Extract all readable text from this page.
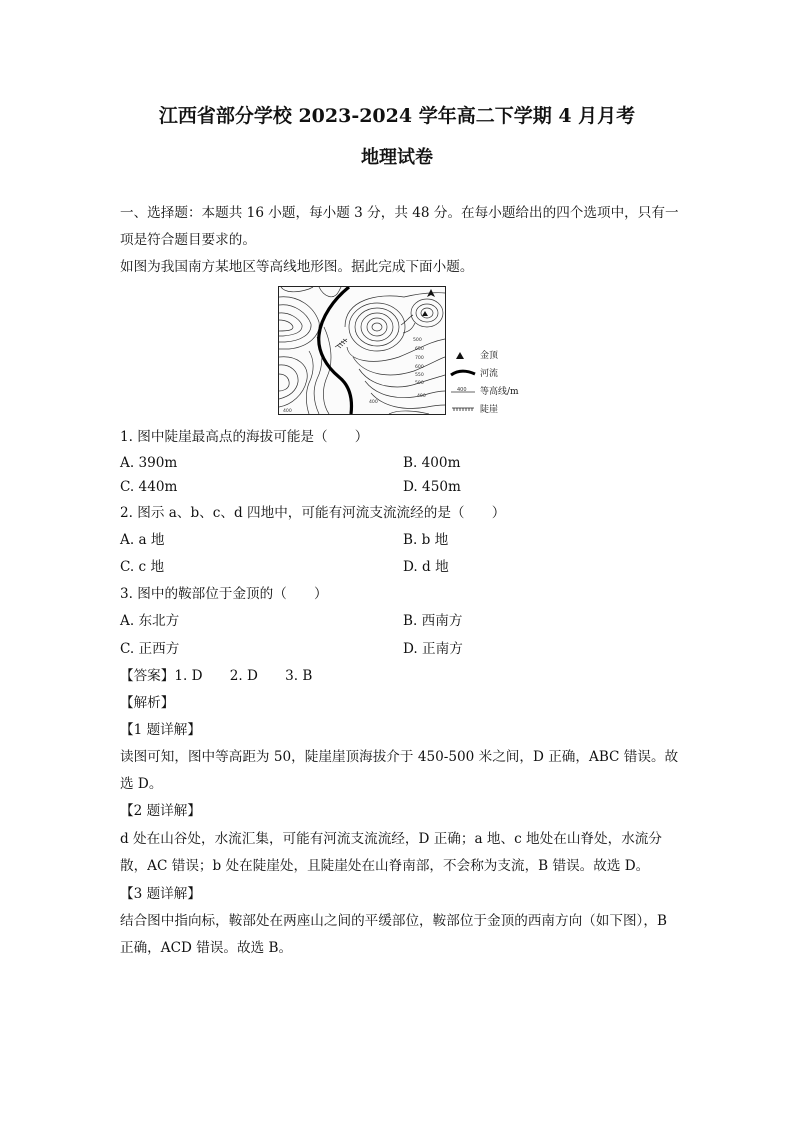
江西省部分学校 2023-2024 学年高二下学期 4 月月考
地理试卷
一、选择题：本题共 16 小题，每小题 3 分，共 48 分。在每小题给出的四个选项中，只有一
项是符合题目要求的。
如图为我国南方某地区等高线地形图。据此完成下面小题。
400
500
650
700
600
550
500
400
400
金顶
河流
400 等高线/m
陡崖
1. 图中陡崖最高点的海拔可能是（　　）
A. 390m	B. 400m
C. 440m	D. 450m
2. 图示 a、b、c、d 四地中，可能有河流支流流经的是（　　）
A. a 地	B. b 地
C. c 地	D. d 地
3. 图中的鞍部位于金顶的（　　）
A. 东北方	B. 西南方
C. 正西方	D. 正南方
【答案】1. D　　2. D　　3. B
【解析】
【1 题详解】
读图可知，图中等高距为 50，陡崖崖顶海拔介于 450-500 米之间，D 正确，ABC 错误。故
选 D。
【2 题详解】
d 处在山谷处，水流汇集，可能有河流支流流经，D 正确；a 地、c 地处在山脊处，水流分
散，AC 错误；b 处在陡崖处，且陡崖处在山脊南部，不会称为支流，B 错误。故选 D。
【3 题详解】
结合图中指向标，鞍部处在两座山之间的平缓部位，鞍部位于金顶的西南方向（如下图），B
正确，ACD 错误。故选 B。
